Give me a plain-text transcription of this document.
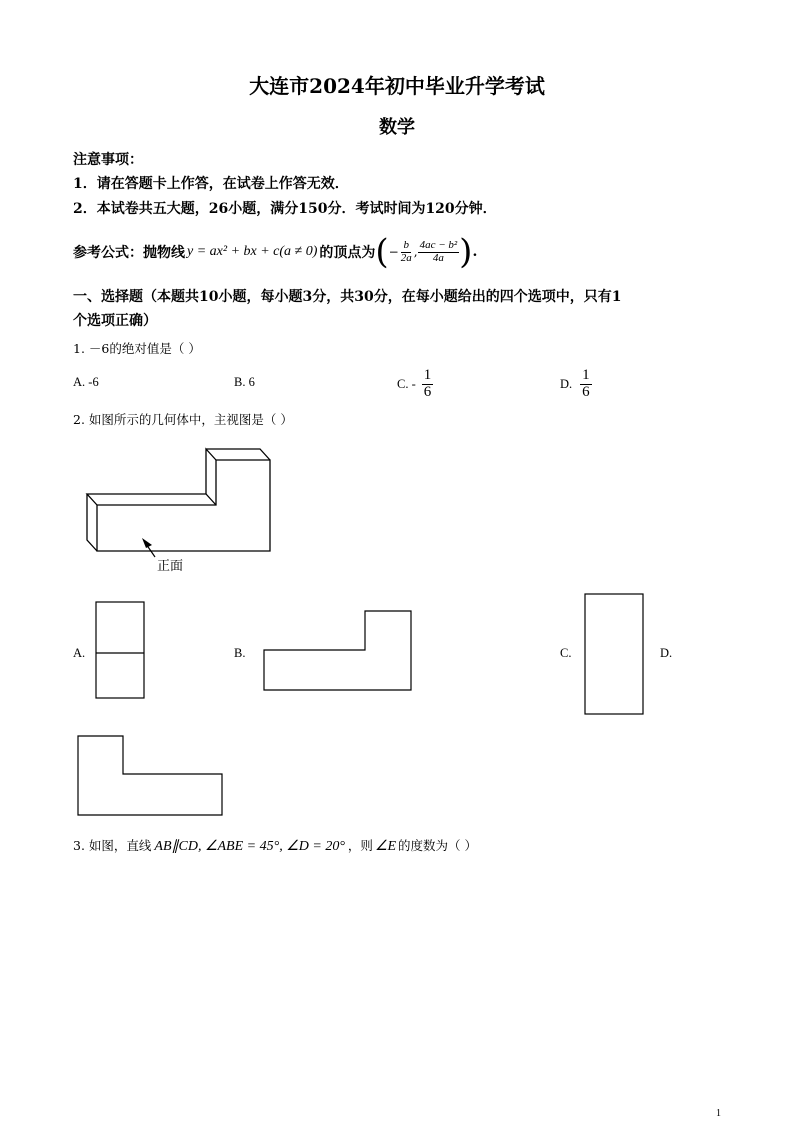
大连市2024年初中毕业升学考试
数学
注意事项：
1．请在答题卡上作答，在试卷上作答无效．
2．本试卷共五大题，26小题，满分150分．考试时间为120分钟．
参考公式：抛物线 y = ax² + bx + c(a ≠ 0) 的顶点为 ( − $\frac{b}{2a}$ , $\frac{\text{4ac − b²}}{4a}$ ) .
一、选择题（本题共10小题，每小题3分，共30分，在每小题给出的四个选项中，只有1
个选项正确）
1. －6的绝对值是（ ）
A. -6	B. 6	C. - $\frac{1}{6}$	D. $\frac{1}{6}$
2. 如图所示的几何体中，主视图是（ ）
正面
A.	B.	C.	D.
3. 如图，直线 AB∥CD, ∠ABE = 45°, ∠D = 20° ，则 ∠E 的度数为（ ）
1
